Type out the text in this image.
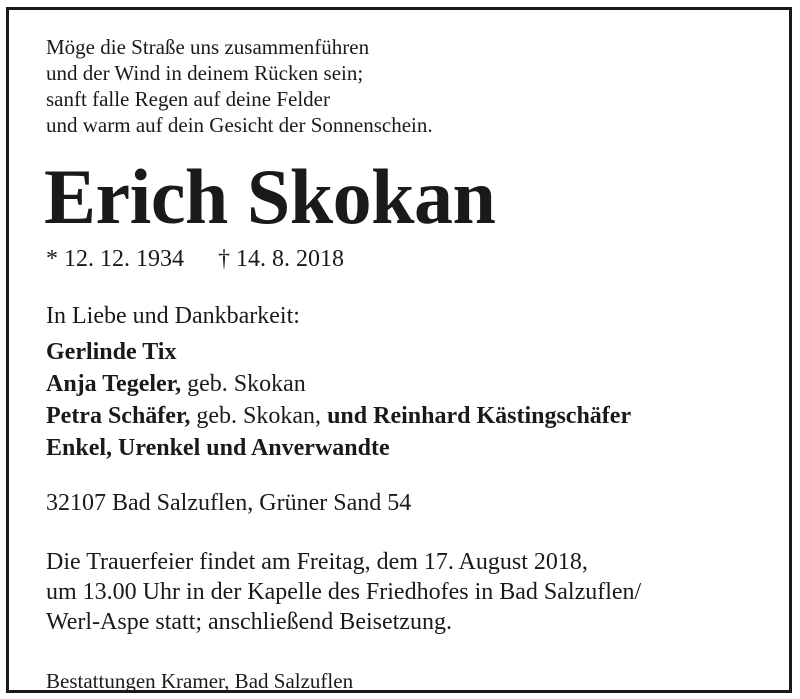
Möge die Straße uns zusammenführen
und der Wind in deinem Rücken sein;
sanft falle Regen auf deine Felder
und warm auf dein Gesicht der Sonnenschein.
Erich Skokan
* 12. 12. 1934 † 14. 8. 2018
In Liebe und Dankbarkeit:
Gerlinde Tix
Anja Tegeler, geb. Skokan
Petra Schäfer, geb. Skokan, und Reinhard Kästingschäfer
Enkel, Urenkel und Anverwandte
32107 Bad Salzuflen, Grüner Sand 54
Die Trauerfeier findet am Freitag, dem 17. August 2018,
um 13.00 Uhr in der Kapelle des Friedhofes in Bad Salzuflen/
Werl-Aspe statt; anschließend Beisetzung.
Bestattungen Kramer, Bad Salzuflen
